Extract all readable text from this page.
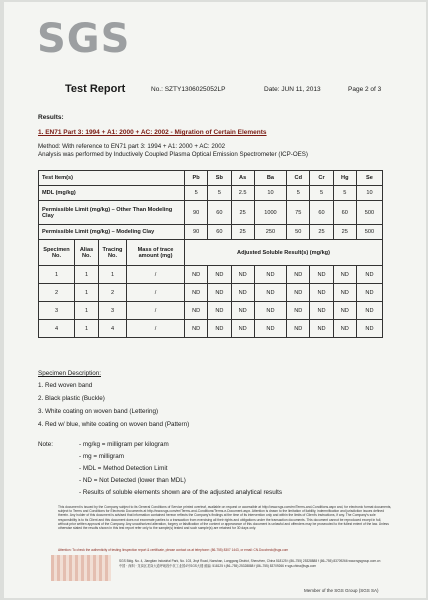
SGS
Test Report	No.: SZTY1306025052LP	Date: JUN 11, 2013	Page 2 of 3
Results:
1. EN71 Part 3: 1994 + A1: 2000 + AC: 2002 - Migration of Certain Elements
Method: With reference to EN71 part 3: 1994 + A1: 2000 + AC: 2002
Analysis was performed by Inductively Coupled Plasma Optical Emission Spectrometer (ICP-OES)
Test Item(s)				Pb	Sb	As	Ba	Cd	Cr	Hg	Se
MDL (mg/kg)				5	5	2.5	10	5	5	5	10
Permissible Limit (mg/kg) – Other Than Modeling Clay				90	60	25	1000	75	60	60	500
Permissible Limit (mg/kg) – Modeling Clay				90	60	25	250	50	25	25	500
Specimen No.	Alias No.	Tracing No.	Mass of trace amount (mg)	Adjusted Soluble Result(s) (mg/kg)							
1	1	1	/	ND	ND	ND	ND	ND	ND	ND	ND
2	1	2	/	ND	ND	ND	ND	ND	ND	ND	ND
3	1	3	/	ND	ND	ND	ND	ND	ND	ND	ND
4	1	4	/	ND	ND	ND	ND	ND	ND	ND	ND
Specimen Description:
1. Red woven band
2. Black plastic (Buckle)
3. White coating on woven band (Lettering)
4. Red w/ blue, white coating on woven band (Pattern)
Note:	- mg/kg = milligram per kilogram
- mg = milligram
- MDL = Method Detection Limit
- ND = Not Detected (lower than MDL)
- Results of soluble elements shown are of the adjusted analytical results
This document is issued by the Company subject to its General Conditions of Service printed overleaf, available on request or accessible at http://www.sgs.com/en/Terms-and-Conditions.aspx and, for electronic format documents, subject to Terms and Conditions for Electronic Documents at http://www.sgs.com/en/Terms-and-Conditions/Terms-e-Document.aspx. Attention is drawn to the limitation of liability, indemnification and jurisdiction issues defined therein. Any holder of this document is advised that information contained hereon reflects the Company's findings at the time of its intervention only and within the limits of Client's instructions, if any. The Company's sole responsibility is to its Client and this document does not exonerate parties to a transaction from exercising all their rights and obligations under the transaction documents. This document cannot be reproduced except in full, without prior written approval of the Company. Any unauthorized alteration, forgery or falsification of the content or appearance of this document is unlawful and offenders may be prosecuted to the fullest extent of the law. Unless otherwise stated the results shown in this test report refer only to the sample(s) tested and such sample(s) are retained for 30 days only.
Attention: To check the authenticity of testing /inspection report & certificate, please contact us at telephone: (86-755) 8307 1443, or email: CN.Doccheck@sgs.com
SGS Bldg. No. 4, Jiangtian Industrial Park, No. 103, Jinyi Road, Nanshan, Longgang District, Shenzhen, China 518125 t (86–755) 25328888 f (86–755) 83709266 www.sgsgroup.com.cn
中国 · 深圳 · 龙岗区龙岗大道坪地段中坑工业园4号SGS大楼 邮编: 518125 t (86–755) 25328888 f (86–755) 83709266 e sgs.china@sgs.com
Member of the SGS Group (SGS SA)
